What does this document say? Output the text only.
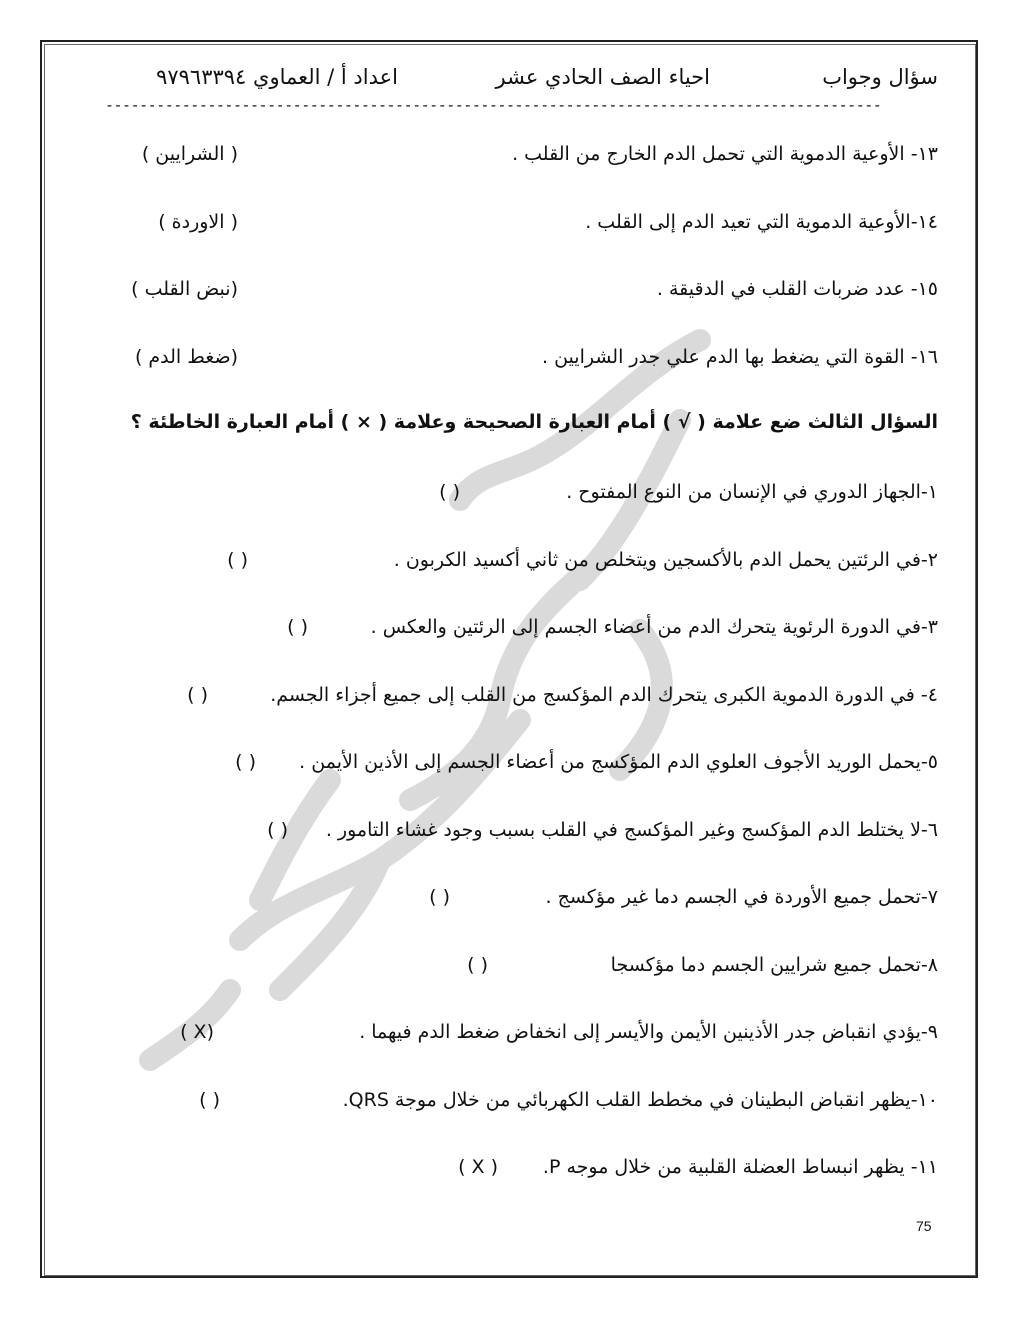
سؤال وجواب
احياء الصف الحادي عشر
اعداد أ / العماوي ٩٧٩٦٣٣٩٤
-------------------------------------------------------------------------------------------
١٣- الأوعية الدموية التي تحمل الدم الخارج من القلب .
( الشرايين )
١٤-الأوعية الدموية التي تعيد الدم إلى القلب .
( الاوردة )
١٥- عدد ضربات القلب في الدقيقة .
(نبض القلب )
١٦- القوة التي يضغط بها الدم علي جدر الشرايين .
(ضغط الدم )
السؤال الثالث ضع علامة ( √ ) أمام العبارة الصحيحة وعلامة ( × ) أمام العبارة الخاطئة ؟
١-الجهاز الدوري في الإنسان من النوع المفتوح .
( )
٢-في الرئتين يحمل الدم بالأكسجين ويتخلص من ثاني أكسيد الكربون .
( )
٣-في الدورة الرئوية يتحرك الدم من أعضاء الجسم إلى الرئتين والعكس .
( )
٤- في الدورة الدموية الكبرى يتحرك الدم المؤكسج من القلب إلى جميع أجزاء الجسم.
( )
٥-يحمل الوريد الأجوف العلوي الدم المؤكسج من أعضاء الجسم إلى الأذين الأيمن .
( )
٦-لا يختلط الدم المؤكسج وغير المؤكسج في القلب بسبب وجود غشاء التامور .
( )
٧-تحمل جميع الأوردة في الجسم دما غير مؤكسج .
( )
٨-تحمل جميع شرايين الجسم دما مؤكسجا
( )
٩-يؤدي انقباض جدر الأذينين الأيمن والأيسر إلى انخفاض ضغط الدم فيهما .
(X )
١٠-يظهر انقباض البطينان في مخطط القلب الكهربائي من خلال موجة QRS.
( )
١١- يظهر انبساط العضلة القلبية من خلال موجه P.
( X )
75
